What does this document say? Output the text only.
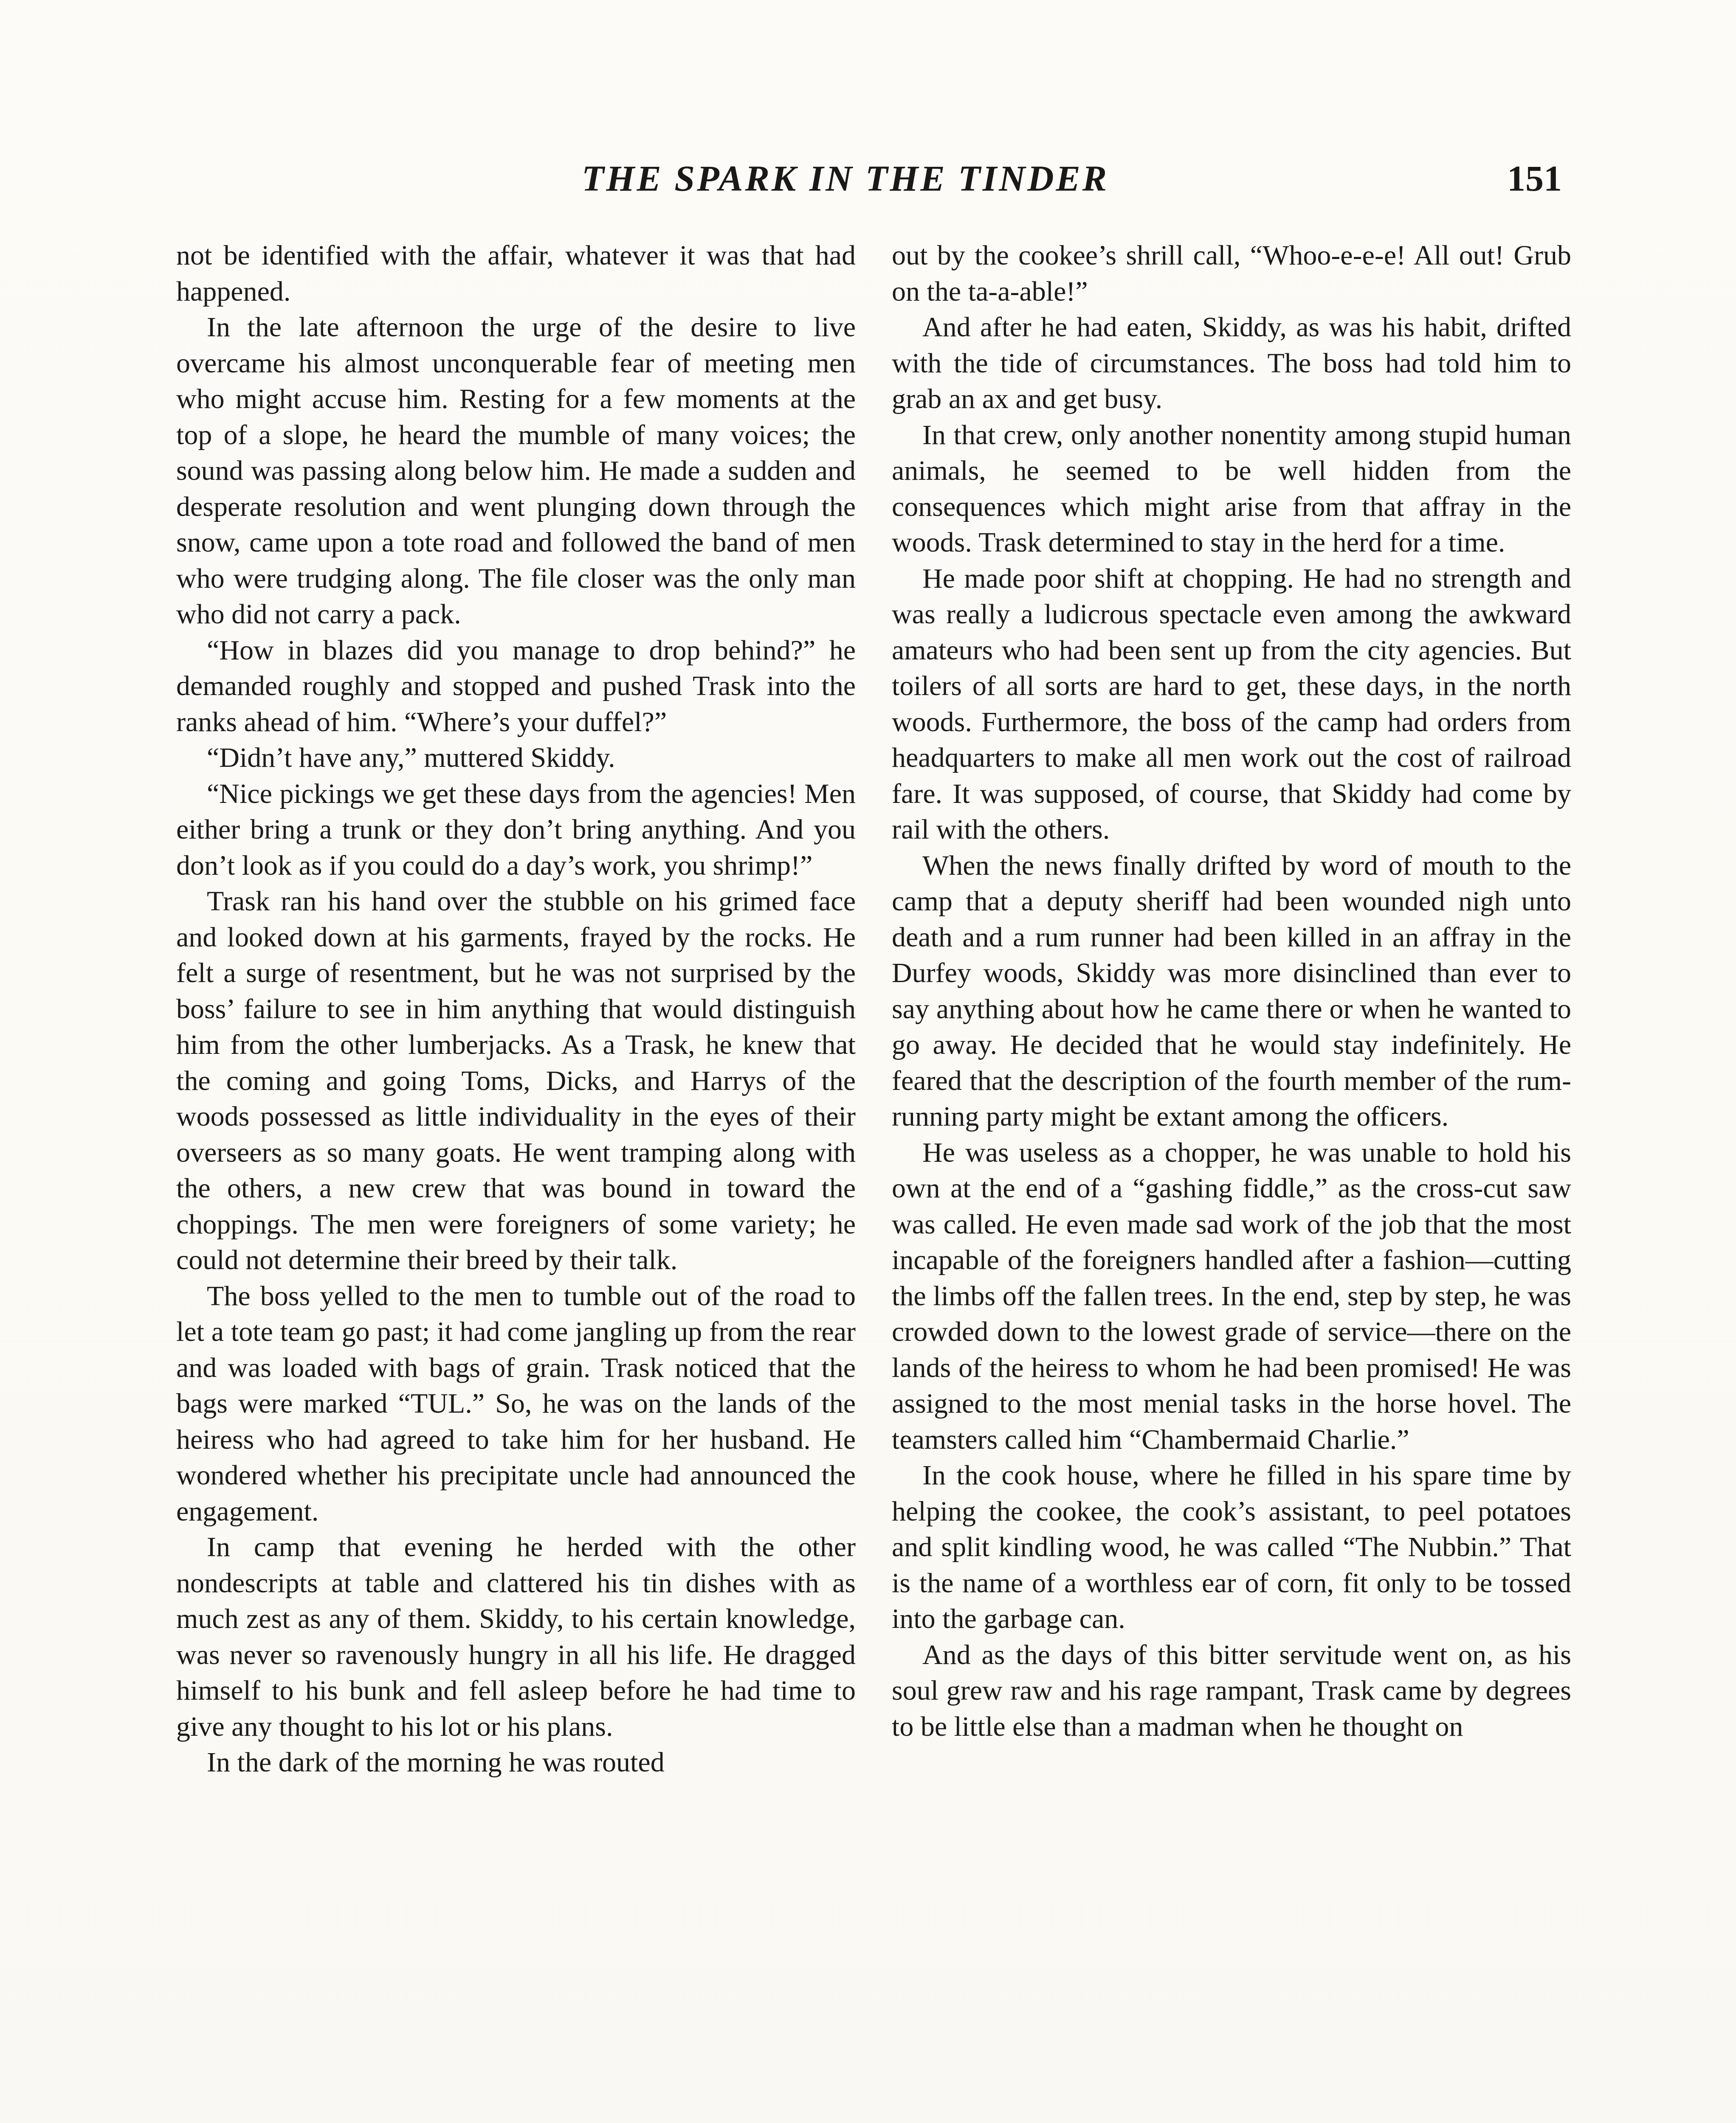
THE SPARK IN THE TINDER	151

not be identified with the affair, whatever it was that had happened.

In the late afternoon the urge of the desire to live overcame his almost unconquerable fear of meeting men who might accuse him. Resting for a few moments at the top of a slope, he heard the mumble of many voices; the sound was passing along below him. He made a sudden and desperate resolution and went plunging down through the snow, came upon a tote road and followed the band of men who were trudging along. The file closer was the only man who did not carry a pack.

“How in blazes did you manage to drop behind?” he demanded roughly and stopped and pushed Trask into the ranks ahead of him. “Where’s your duffel?”

“Didn’t have any,” muttered Skiddy.

“Nice pickings we get these days from the agencies! Men either bring a trunk or they don’t bring anything. And you don’t look as if you could do a day’s work, you shrimp!”

Trask ran his hand over the stubble on his grimed face and looked down at his garments, frayed by the rocks. He felt a surge of resentment, but he was not surprised by the boss’ failure to see in him anything that would distinguish him from the other lumberjacks. As a Trask, he knew that the coming and going Toms, Dicks, and Harrys of the woods possessed as little individuality in the eyes of their overseers as so many goats. He went tramping along with the others, a new crew that was bound in toward the choppings. The men were foreigners of some variety; he could not determine their breed by their talk.

The boss yelled to the men to tumble out of the road to let a tote team go past; it had come jangling up from the rear and was loaded with bags of grain. Trask noticed that the bags were marked “TUL.” So, he was on the lands of the heiress who had agreed to take him for her husband. He wondered whether his precipitate uncle had announced the engagement.

In camp that evening he herded with the other nondescripts at table and clattered his tin dishes with as much zest as any of them. Skiddy, to his certain knowledge, was never so ravenously hungry in all his life. He dragged himself to his bunk and fell asleep before he had time to give any thought to his lot or his plans.

In the dark of the morning he was routed

out by the cookee’s shrill call, “Whoo-e-e-e! All out! Grub on the ta-a-able!”

And after he had eaten, Skiddy, as was his habit, drifted with the tide of circumstances. The boss had told him to grab an ax and get busy.

In that crew, only another nonentity among stupid human animals, he seemed to be well hidden from the consequences which might arise from that affray in the woods. Trask determined to stay in the herd for a time.

He made poor shift at chopping. He had no strength and was really a ludicrous spectacle even among the awkward amateurs who had been sent up from the city agencies. But toilers of all sorts are hard to get, these days, in the north woods. Furthermore, the boss of the camp had orders from headquarters to make all men work out the cost of railroad fare. It was supposed, of course, that Skiddy had come by rail with the others.

When the news finally drifted by word of mouth to the camp that a deputy sheriff had been wounded nigh unto death and a rum runner had been killed in an affray in the Durfey woods, Skiddy was more disinclined than ever to say anything about how he came there or when he wanted to go away. He decided that he would stay indefinitely. He feared that the description of the fourth member of the rum-running party might be extant among the officers.

He was useless as a chopper, he was unable to hold his own at the end of a “gashing fiddle,” as the cross-cut saw was called. He even made sad work of the job that the most incapable of the foreigners handled after a fashion—cutting the limbs off the fallen trees. In the end, step by step, he was crowded down to the lowest grade of service—there on the lands of the heiress to whom he had been promised! He was assigned to the most menial tasks in the horse hovel. The teamsters called him “Chambermaid Charlie.”

In the cook house, where he filled in his spare time by helping the cookee, the cook’s assistant, to peel potatoes and split kindling wood, he was called “The Nubbin.” That is the name of a worthless ear of corn, fit only to be tossed into the garbage can.

And as the days of this bitter servitude went on, as his soul grew raw and his rage rampant, Trask came by degrees to be little else than a madman when he thought on
